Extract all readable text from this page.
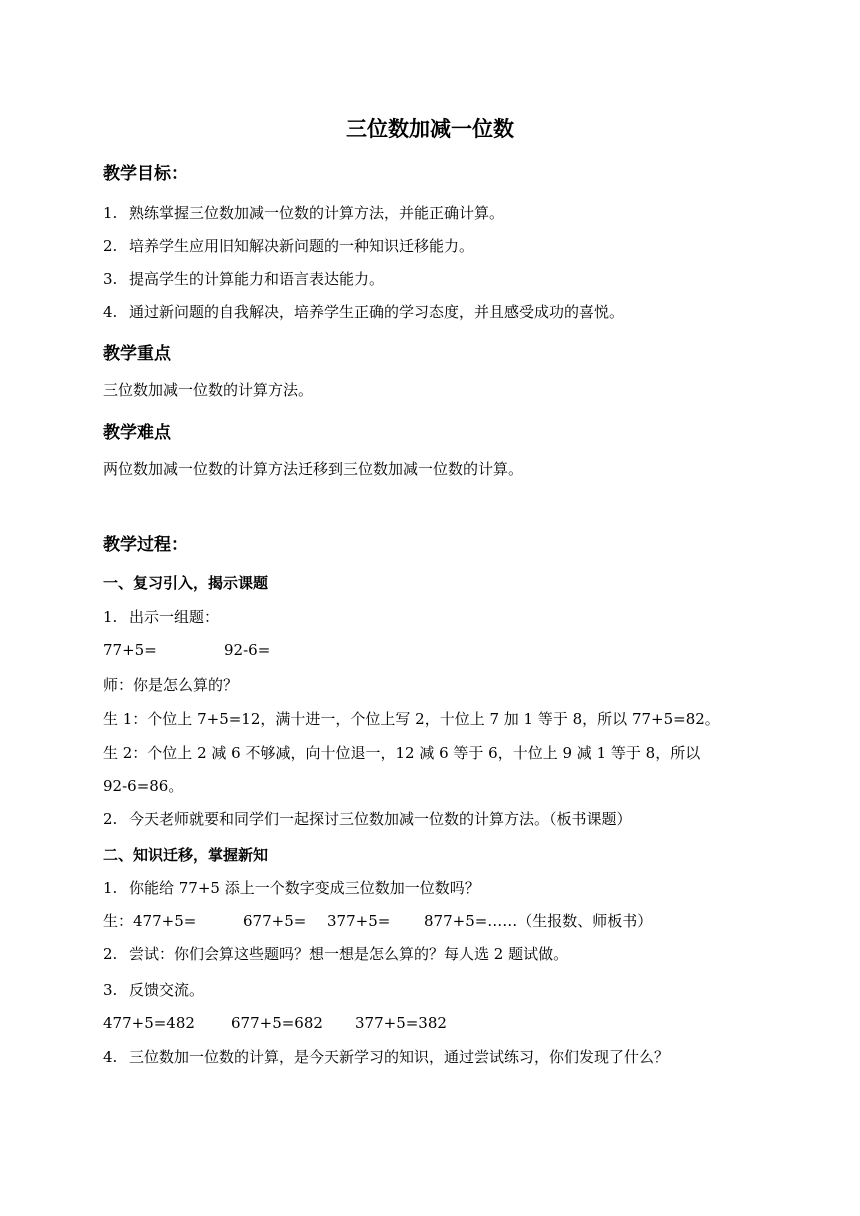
三位数加减一位数
教学目标：
1. 熟练掌握三位数加减一位数的计算方法，并能正确计算。
2. 培养学生应用旧知解决新问题的一种知识迁移能力。
3. 提高学生的计算能力和语言表达能力。
4. 通过新问题的自我解决，培养学生正确的学习态度，并且感受成功的喜悦。
教学重点
三位数加减一位数的计算方法。
教学难点
两位数加减一位数的计算方法迁移到三位数加减一位数的计算。
教学过程：
一、复习引入，揭示课题
1. 出示一组题：
77+5=	92-6=
师：你是怎么算的？
生 1：个位上 7+5=12，满十进一，个位上写 2，十位上 7 加 1 等于 8，所以 77+5=82。
生 2：个位上 2 减 6 不够减，向十位退一，12 减 6 等于 6，十位上 9 减 1 等于 8，所以
92-6=86。
2. 今天老师就要和同学们一起探讨三位数加减一位数的计算方法。（板书课题）
二、知识迁移，掌握新知
1. 你能给 77+5 添上一个数字变成三位数加一位数吗？
生：477+5=	677+5= 377+5= 877+5=……（生报数、师板书）
2. 尝试：你们会算这些题吗？想一想是怎么算的？每人选 2 题试做。
3. 反馈交流。
477+5=482 677+5=682 377+5=382
4. 三位数加一位数的计算，是今天新学习的知识，通过尝试练习，你们发现了什么？
